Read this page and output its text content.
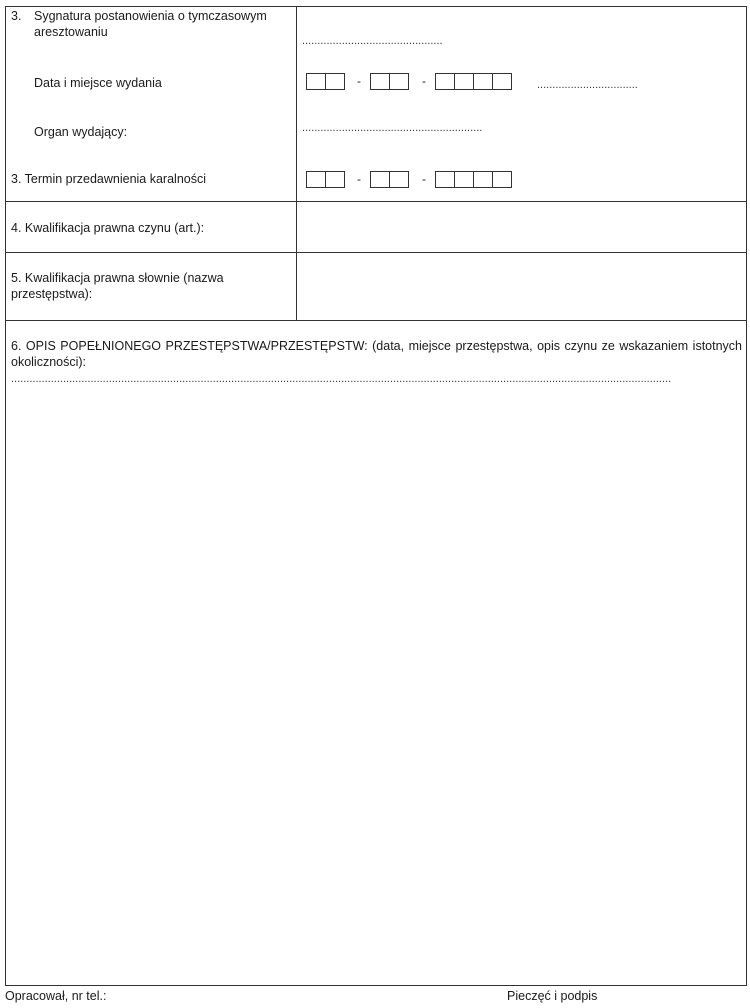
3. Sygnatura postanowienia o tymczasowym aresztowaniu
..............................................
Data i miejsce wydania	-	-	.................................
Organ wydający:	...........................................................
3. Termin przedawnienia karalności	-	-
4. Kwalifikacja prawna czynu (art.):
5. Kwalifikacja prawna słownie (nazwa przestępstwa):
6. OPIS POPEŁNIONEGO PRZESTĘPSTWA/PRZESTĘPSTW: (data, miejsce przestępstwa, opis czynu ze wskazaniem istotnych okoliczności):
........................................................................................................................................................................................................................
Opracował, nr tel.:	Pieczęć i podpis
